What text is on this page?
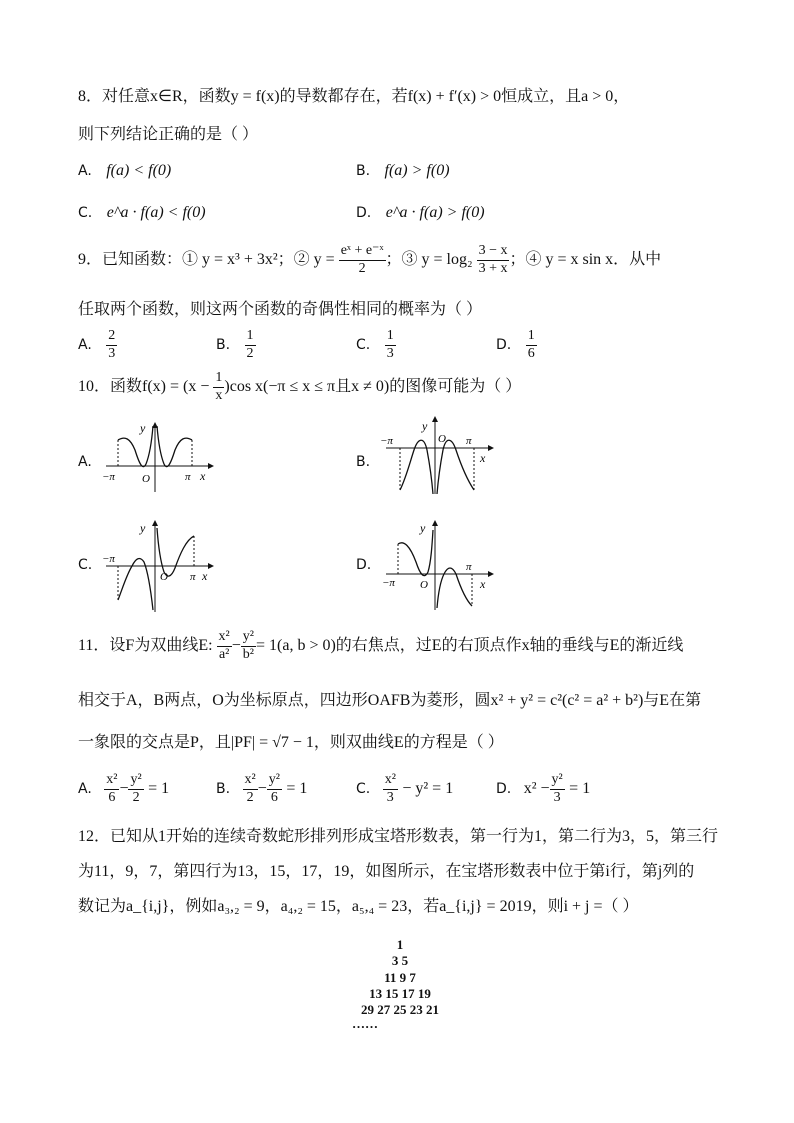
8．对任意x∈R，函数y = f(x)的导数都存在，若f(x) + f′(x) > 0恒成立，且a > 0，
则下列结论正确的是（ ）
A. f(a) < f(0)	B. f(a) > f(0)
C. e^a · f(a) < f(0)	D. e^a · f(a) > f(0)
9．已知函数：① y = x³ + 3x²；② $y = \frac{\text{eˣ + e⁻ˣ}}{2}$ ；③ $y = \log_2 \frac{3 - x}{3 + x}$ ；④ y = x sin x．从中
任取两个函数，则这两个函数的奇偶性相同的概率为（ ）
A. $\frac{2}{3}$	B. $\frac{1}{2}$	C. $\frac{1}{3}$	D. $\frac{1}{6}$
10．函数$f(x) = (x - \frac{1}{x} )\cos$ x(−π ≤ x ≤ π且x ≠ 0)的图像可能为（ ）
A.	B.
C.	D.
−π O	π x
y
−π	O π
x
y
−π
O π x
y
−π O
π
x
y
11．设F为双曲线E: $\frac{\text{x²}}{\text{a²}} - \frac{\text{y²}}{\text{b²}} = 1(a$, b > 0)的右焦点，过E的右顶点作x轴的垂线与E的渐近线
相交于A，B两点，O为坐标原点，四边形OAFB为菱形，圆x² + y² = c²(c² = a² + b²)与E在第
一象限的交点是P，且|PF| = √7 − 1，则双曲线E的方程是（ ）
A. $\frac{\text{x²}}{6} - \frac{\text{y²}}{2} = 1$	B. $\frac{\text{x²}}{2} - \frac{\text{y²}}{6} = 1$	C. $\frac{\text{x²}}{3} - y^2 = 1$	D. $x^2 - \frac{\text{y²}}{3} = 1$
12．已知从1开始的连续奇数蛇形排列形成宝塔形数表，第一行为1，第二行为3，5，第三行
为11，9，7，第四行为13，15，17，19，如图所示，在宝塔形数表中位于第i行，第j列的
数记为a_{i,j}，例如a₃,₂ = 9，a₄,₂ = 15，a₅,₄ = 23，若a_{i,j} = 2019，则i + j =（ ）
1
3 5
11 9 7
13 15 17 19
29 27 25 23 21
……
